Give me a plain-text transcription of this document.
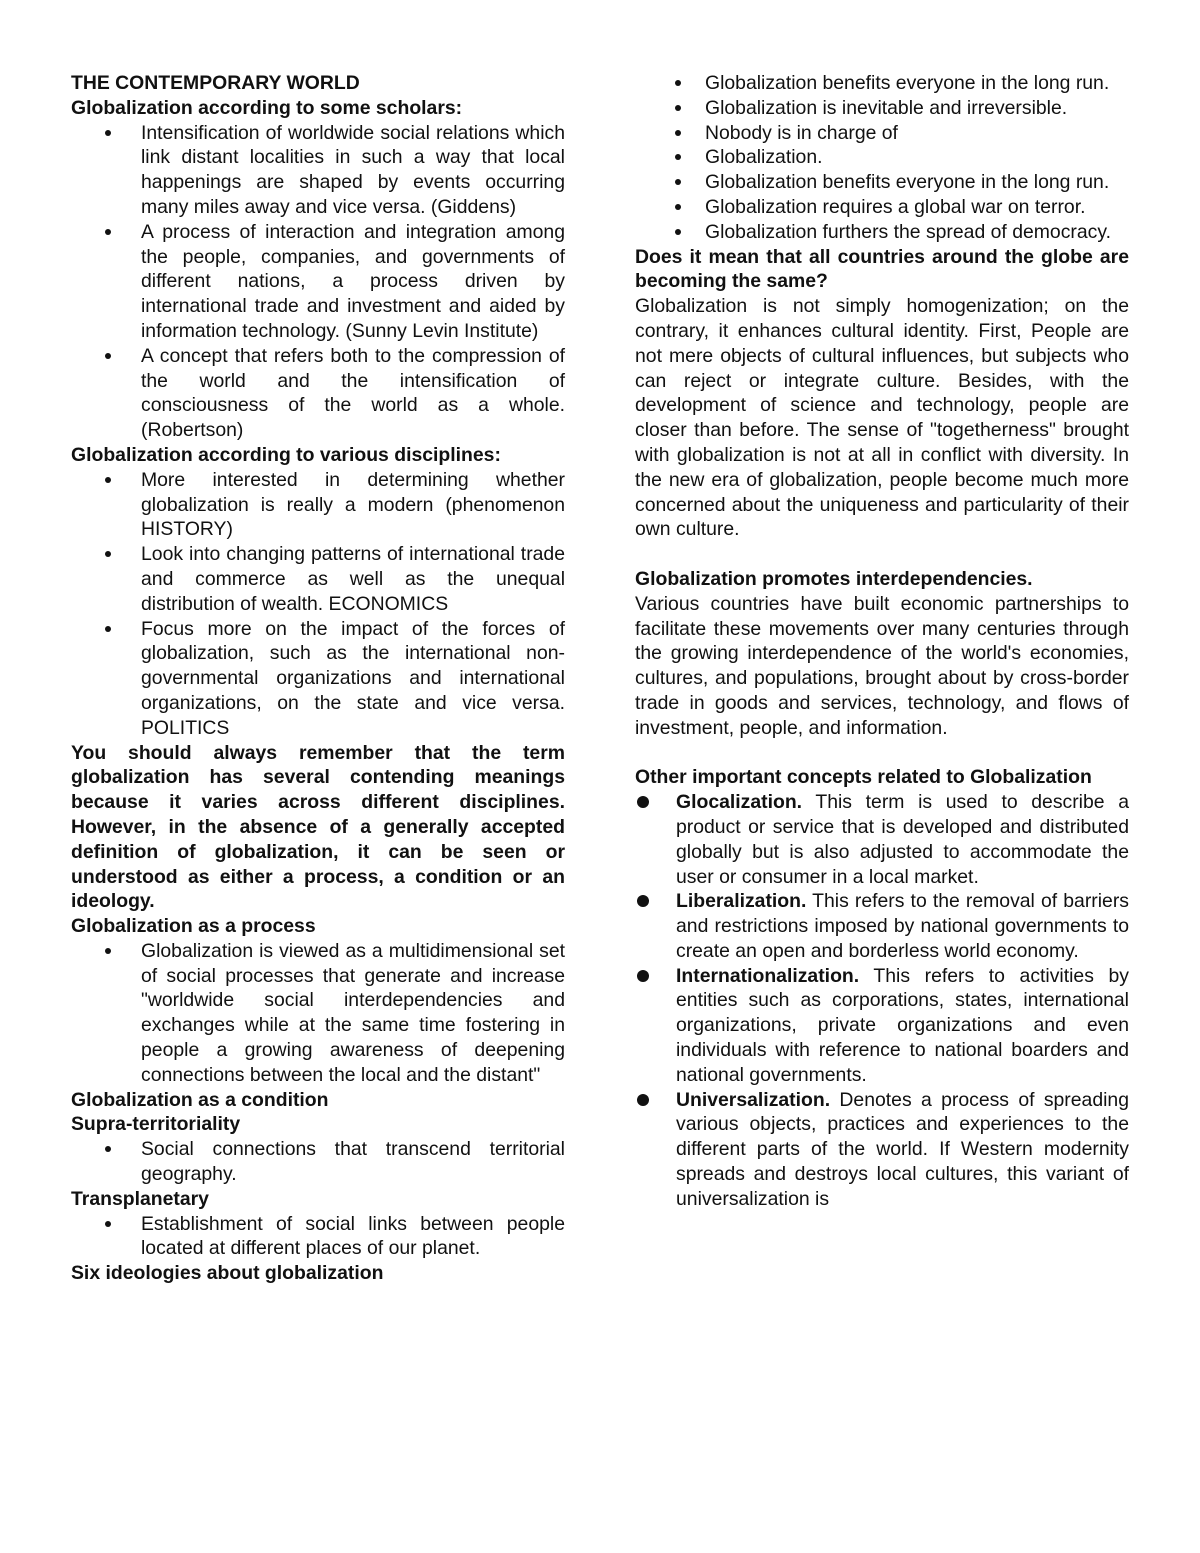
THE CONTEMPORARY WORLD
Globalization according to some scholars:
Intensification of worldwide social relations which link distant localities in such a way that local happenings are shaped by events occurring many miles away and vice versa. (Giddens)
A process of interaction and integration among the people, companies, and governments of different nations, a process driven by international trade and investment and aided by information technology. (Sunny Levin Institute)
A concept that refers both to the compression of the world and the intensification of consciousness of the world as a whole. (Robertson)
Globalization according to various disciplines:
More interested in determining whether globalization is really a modern (phenomenon HISTORY)
Look into changing patterns of international trade and commerce as well as the unequal distribution of wealth. ECONOMICS
Focus more on the impact of the forces of globalization, such as the international non-governmental organizations and international organizations, on the state and vice versa. POLITICS

You should always remember that the term globalization has several contending meanings because it varies across different disciplines. However, in the absence of a generally accepted definition of globalization, it can be seen or understood as either a process, a condition or an ideology.

Globalization as a process
Globalization is viewed as a multidimensional set of social processes that generate and increase "worldwide social interdependencies and exchanges while at the same time fostering in people a growing awareness of deepening connections between the local and the distant"
Globalization as a condition
Supra-territoriality
Social connections that transcend territorial geography.
Transplanetary
Establishment of social links between people located at different places of our planet.
Six ideologies about globalization
Globalization benefits everyone in the long run.
Globalization is inevitable and irreversible.
Nobody is in charge of
Globalization.
Globalization benefits everyone in the long run.
Globalization requires a global war on terror.
Globalization furthers the spread of democracy.

Does it mean that all countries around the globe are becoming the same?

Globalization is not simply homogenization; on the contrary, it enhances cultural identity. First, People are not mere objects of cultural influences, but subjects who can reject or integrate culture. Besides, with the development of science and technology, people are closer than before. The sense of "togetherness" brought with globalization is not at all in conflict with diversity. In the new era of globalization, people become much more concerned about the uniqueness and particularity of their own culture.

Globalization promotes interdependencies.

Various countries have built economic partnerships to facilitate these movements over many centuries through the growing interdependence of the world's economies, cultures, and populations, brought about by cross-border trade in goods and services, technology, and flows of investment, people, and information.

Other important concepts related to Globalization

Glocalization. This term is used to describe a product or service that is developed and distributed globally but is also adjusted to accommodate the user or consumer in a local market.
Liberalization. This refers to the removal of barriers and restrictions imposed by national governments to create an open and borderless world economy.
Internationalization. This refers to activities by entities such as corporations, states, international organizations, private organizations and even individuals with reference to national boarders and national governments.
Universalization. Denotes a process of spreading various objects, practices and experiences to the different parts of the world. If Western modernity spreads and destroys local cultures, this variant of universalization is
